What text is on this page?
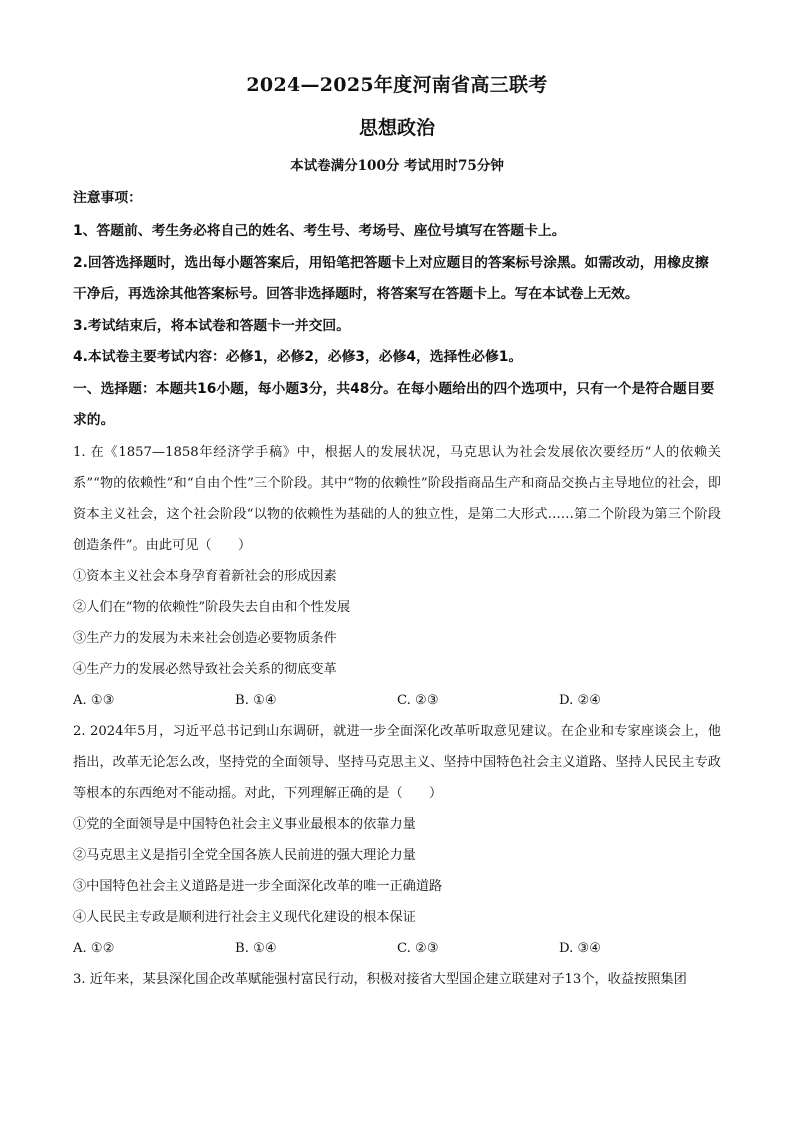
2024—2025年度河南省高三联考
思想政治
本试卷满分100分 考试用时75分钟
注意事项：
1、答题前、考生务必将自己的姓名、考生号、考场号、座位号填写在答题卡上。
2.回答选择题时，选出每小题答案后，用铅笔把答题卡上对应题目的答案标号涂黑。如需改动，用橡皮擦干净后，再选涂其他答案标号。回答非选择题时，将答案写在答题卡上。写在本试卷上无效。
3.考试结束后，将本试卷和答题卡一并交回。
4.本试卷主要考试内容：必修1，必修2，必修3，必修4，选择性必修1。
一、选择题：本题共16小题，每小题3分，共48分。在每小题给出的四个选项中，只有一个是符合题目要求的。
1. 在《1857—1858年经济学手稿》中，根据人的发展状况，马克思认为社会发展依次要经历“人的依赖关系”“物的依赖性”和“自由个性”三个阶段。其中“物的依赖性”阶段指商品生产和商品交换占主导地位的社会，即资本主义社会，这个社会阶段“以物的依赖性为基础的人的独立性，是第二大形式……第二个阶段为第三个阶段创造条件”。由此可见（　　）
①资本主义社会本身孕育着新社会的形成因素
②人们在“物的依赖性”阶段失去自由和个性发展
③生产力的发展为未来社会创造必要物质条件
④生产力的发展必然导致社会关系的彻底变革
A. ①③	B. ①④	C. ②③	D. ②④
2. 2024年5月，习近平总书记到山东调研，就进一步全面深化改革听取意见建议。在企业和专家座谈会上，他指出，改革无论怎么改，坚持党的全面领导、坚持马克思主义、坚持中国特色社会主义道路、坚持人民民主专政等根本的东西绝对不能动摇。对此，下列理解正确的是（　　）
①党的全面领导是中国特色社会主义事业最根本的依靠力量
②马克思主义是指引全党全国各族人民前进的强大理论力量
③中国特色社会主义道路是进一步全面深化改革的唯一正确道路
④人民民主专政是顺利进行社会主义现代化建设的根本保证
A. ①②	B. ①④	C. ②③	D. ③④
3. 近年来，某县深化国企改革赋能强村富民行动，积极对接省大型国企建立联建对子13个，收益按照集团
